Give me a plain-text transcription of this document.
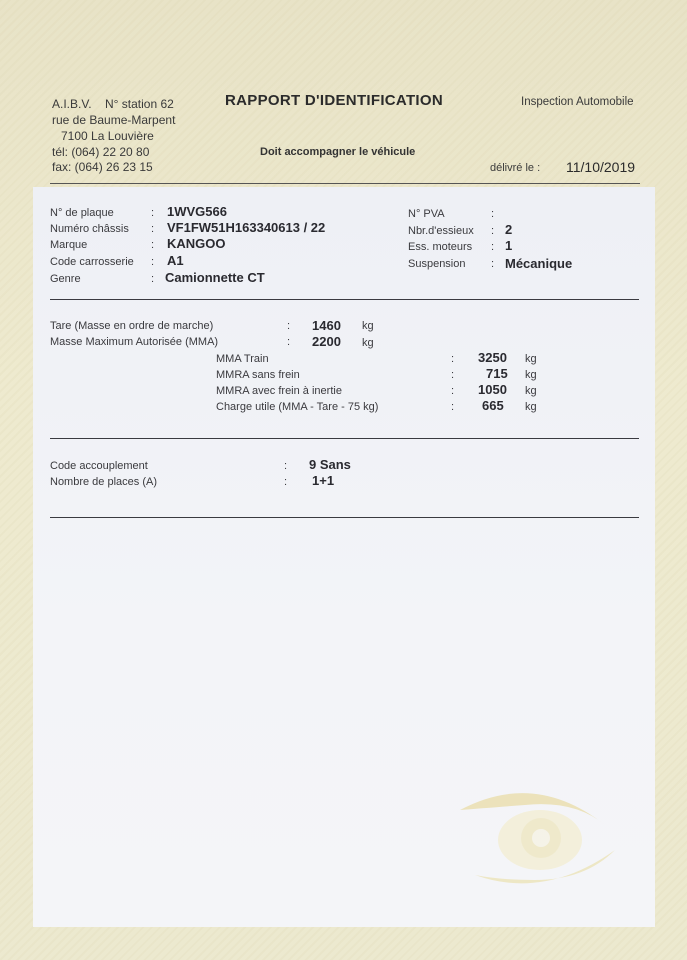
A.I.B.V. N° station 62
rue de Baume-Marpent
7100 La Louvière
tél: (064) 22 20 80
fax: (064) 26 23 15
RAPPORT D'IDENTIFICATION	Inspection Automobile
Doit accompagner le véhicule
délivré le : 11/10/2019
N° de plaque	: 1WVG566
Numéro châssis : VF1FW51H163340613 / 22
Marque	: KANGOO
Code carrosserie : A1
Genre	: Camionnette CT
N° PVA	:
Nbr.d'essieux : 2
Ess. moteurs : 1
Suspension : Mécanique
Tare (Masse en ordre de marche)	: 1460 kg
Masse Maximum Autorisée (MMA)	: 2200 kg
MMA Train	: 3250 kg
MMRA sans frein	: 715 kg
MMRA avec frein à inertie	: 1050 kg
Charge utile (MMA - Tare - 75 kg)	: 665 kg
Code accouplement	: 9 Sans
Nombre de places (A)	: 1+1
